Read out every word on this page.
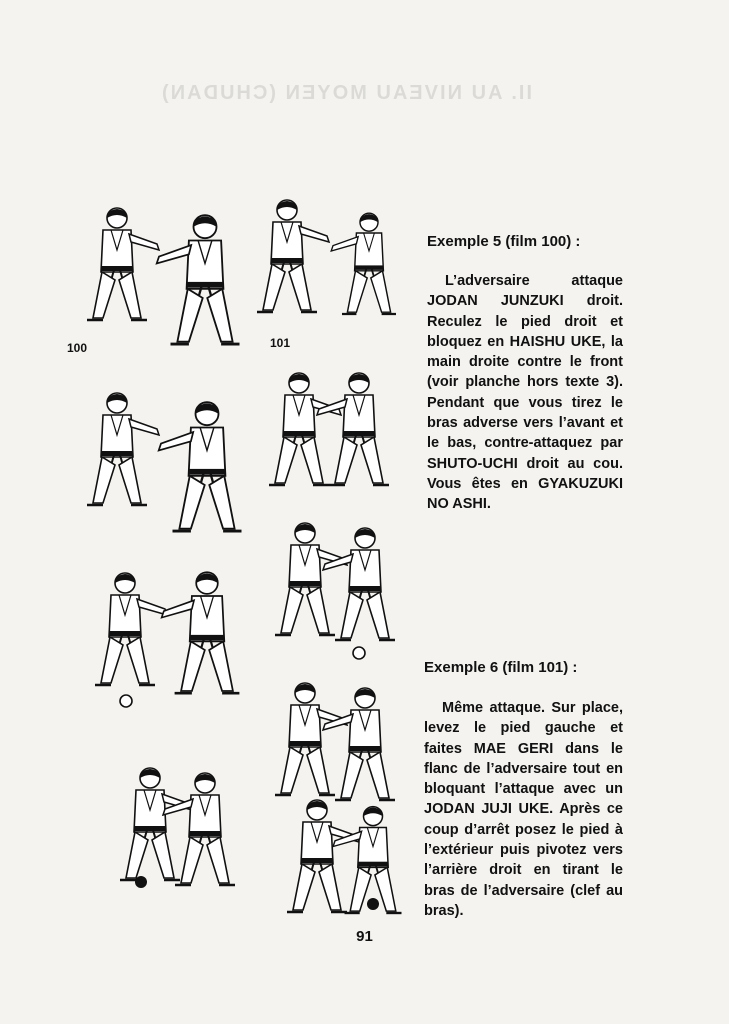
II. AU NIVEAU MOYEN (CHUDAN)
100	101
Exemple 5 (film 100) :
L’adversaire attaque JODAN JUNZUKI droit. Reculez le pied droit et bloquez en HAISHU UKE, la main droite contre le front (voir planche hors texte 3). Pendant que vous tirez le bras adverse vers l’avant et le bas, contre-attaquez par SHUTO-UCHI droit au cou. Vous êtes en GYAKUZUKI NO ASHI.
Exemple 6 (film 101) :
Même attaque. Sur place, levez le pied gauche et faites MAE GERI dans le flanc de l’adversaire tout en bloquant l’attaque avec un JODAN JUJI UKE. Après ce coup d’arrêt posez le pied à l’extérieur puis pivotez vers l’arrière droit en tirant le bras de l’adversaire (clef au bras).
91
